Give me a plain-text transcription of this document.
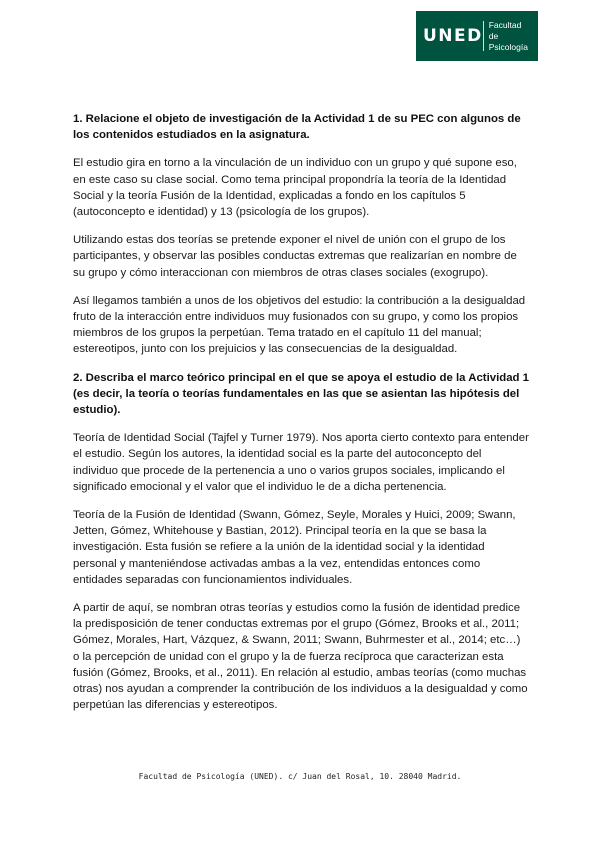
UNED
Facultad
de Psicología

1. Relacione el objeto de investigación de la Actividad 1 de su PEC con algunos de los contenidos estudiados en la asignatura.

El estudio gira en torno a la vinculación de un individuo con un grupo y qué supone eso, en este caso su clase social. Como tema principal propondría la teoría de la Identidad Social y la teoría Fusión de la Identidad, explicadas a fondo en los capítulos 5 (autoconcepto e identidad) y 13 (psicología de los grupos).

Utilizando estas dos teorías se pretende exponer el nivel de unión con el grupo de los participantes, y observar las posibles conductas extremas que realizarían en nombre de su grupo y cómo interaccionan con miembros de otras clases sociales (exogrupo).

Así llegamos también a unos de los objetivos del estudio: la contribución a la desigualdad fruto de la interacción entre individuos muy fusionados con su grupo, y como los propios miembros de los grupos la perpetúan. Tema tratado en el capítulo 11 del manual; estereotipos, junto con los prejuicios y las consecuencias de la desigualdad.

2. Describa el marco teórico principal en el que se apoya el estudio de la Actividad 1 (es decir, la teoría o teorías fundamentales en las que se asientan las hipótesis del estudio).

Teoría de Identidad Social (Tajfel y Turner 1979). Nos aporta cierto contexto para entender el estudio. Según los autores, la identidad social es la parte del autoconcepto del individuo que procede de la pertenencia a uno o varios grupos sociales, implicando el significado emocional y el valor que el individuo le de a dicha pertenencia.

Teoría de la Fusión de Identidad (Swann, Gómez, Seyle, Morales y Huici, 2009; Swann, Jetten, Gómez, Whitehouse y Bastian, 2012). Principal teoría en la que se basa la investigación. Esta fusión se refiere a la unión de la identidad social y la identidad personal y manteniéndose activadas ambas a la vez, entendidas entonces como entidades separadas con funcionamientos individuales.

A partir de aquí, se nombran otras teorías y estudios como la fusión de identidad predice la predisposición de tener conductas extremas por el grupo (Gómez, Brooks et al., 2011; Gómez, Morales, Hart, Vázquez, & Swann, 2011; Swann, Buhrmester et al., 2014; etc…) o la percepción de unidad con el grupo y la de fuerza recíproca que caracterizan esta fusión (Gómez, Brooks, et al., 2011). En relación al estudio, ambas teorías (como muchas otras) nos ayudan a comprender la contribución de los individuos a la desigualdad y como perpetúan las diferencias y estereotipos.

Facultad de Psicología (UNED). c/ Juan del Rosal, 10. 28040 Madrid.
